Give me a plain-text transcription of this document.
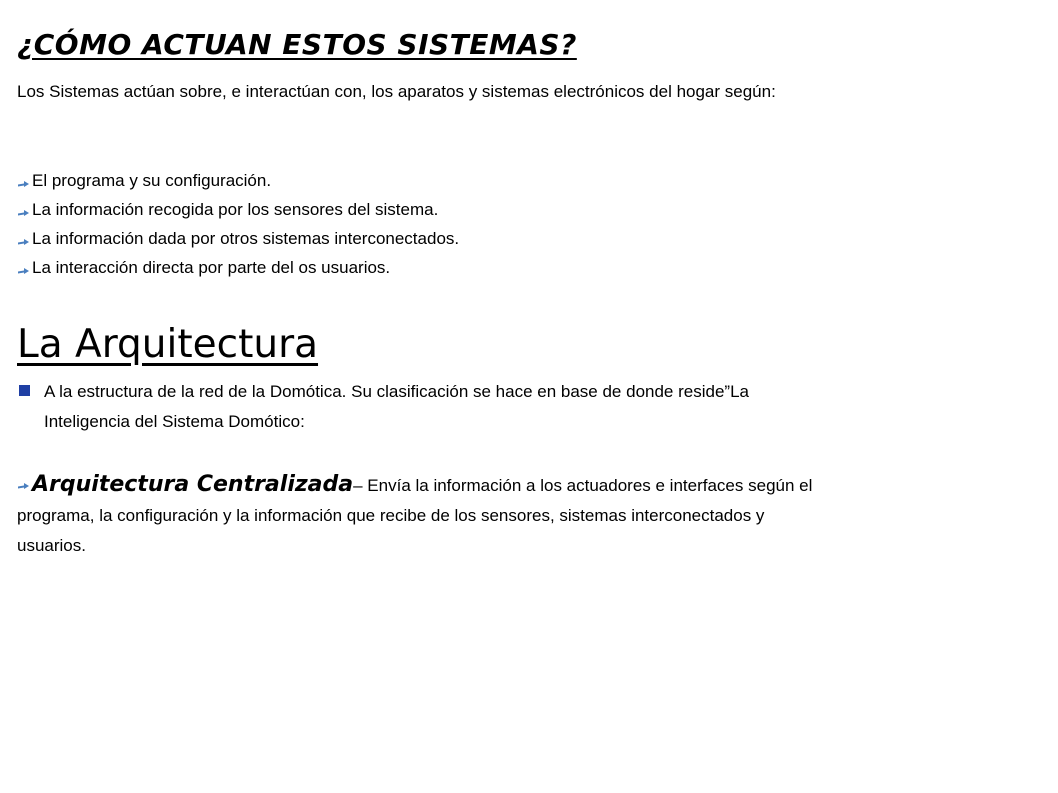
¿CÓMO ACTUAN ESTOS SISTEMAS?
Los Sistemas actúan sobre, e interactúan con, los aparatos y sistemas electrónicos del hogar según:
El programa y su configuración.
La información recogida por los sensores del sistema.
La información dada por otros sistemas interconectados.
La interacción directa por parte del os usuarios.
La Arquitectura
A la estructura de la red de la Domótica. Su clasificación se hace en base de donde reside”La Inteligencia del Sistema Domótico:
Arquitectura Centralizada– Envía la información a los actuadores e interfaces según el programa, la configuración y la información que recibe de los sensores, sistemas interconectados y usuarios.
